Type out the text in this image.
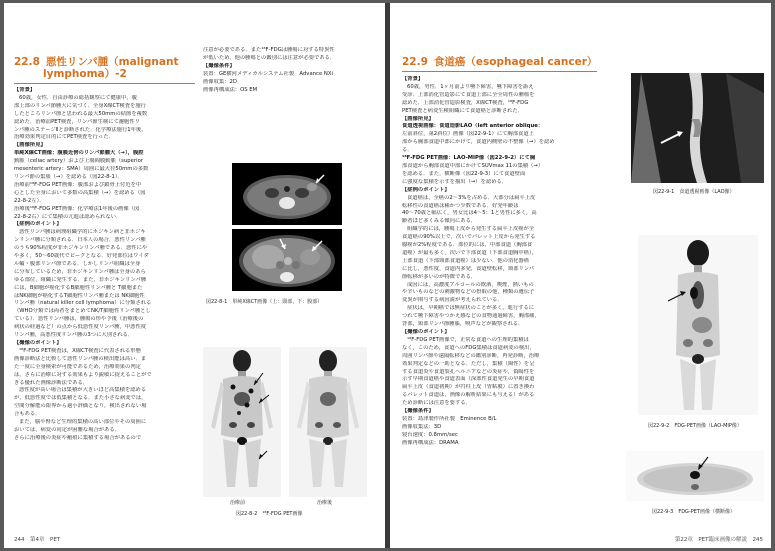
22.8 悪性リンパ腫（malignant
lymphoma）-2

【背景】

60歳，女性．自由診療の総括観察にて健康中，腹

部上部のリンパ節腫大に気づく．全身X線CT検査を施行

したところリンパ節と思われる最大50mmの結節を複数

認めた．治療前PET検査，リンパ節生検にて濾胞性リ

ンパ腫のステージⅡと診断された．化学療法施行1年後，

治療効果判定目的にてPET検査を行った．

【画像所見】

単純X線CT画像：腹膜近傍のリンパ節腫大（→），腹腔

動脈（celiac artery）および上腸間膜動脈（superior

mesenteric artery：SMA）周囲に最大径50mmの多数

リンパ節の集簇（→）を認める（図22-8-1）．

治療前¹⁸F-FDG PET画像：腹部および鎖骨上付近を中

心とした全身において多数の高集積（→）を認める（図

22-8-2左）．

治療後¹⁸F-FDG PET画像：化学療法1年後の画像（図

22-8-2右）にて集積の亢進は認められない．

【症例のポイント】

悪性リンパ腫は病理組織学的にホジキン病と非ホジキ

ンリンパ腫に分類される．日本人の場合，悪性リンパ腫

のうち90%程度が非ホジキンリンパ腫である．悪性にや

や多く，50〜60歳代でピークとなる．好発部位はワイダ

ル輪・腹部リンパ節である．しかしリンパ組織は全身

に分布しているため，非ホジキンリンパ腫は全身のあら

ゆる部位，組織に発生する．また，非ホジキンリンパ腫

には，B細胞が癌化するB細胞性リンパ腫と T細胞また

はNK細胞が癌化するT細胞性リンパ腫または NK細胞性

リンパ腫（natural killer cell lymphoma）に分類される

（WHO分類では両者をまとめてNK/T細胞性リンパ腫とし

ている）．悪性リンパ腫は，腫瘍の形や予後（治療後の

病状の経過など）の点から低悪性度リンパ腫，中悪性度

リンパ腫，高悪性度リンパ腫の3つに大別される．

【撮像のポイント】

¹⁸F-FDG PET検査は，X線CT検査に代表される形態

画像診断法と比較して悪性リンパ腫の検出能は高い．ま

た一度に全身検索が可能であるため，治療効果の判定

は，さらに治療に対する効果もより鋭敏に捉えることがで

きる優れた画像診断法である．

悪性度が高い場合は集積が大きいほど高集積を認める

が，低悪性度では低集積となる．また小さな病変では，

空間分解能の限界から過小評価となり，検出されない場

合もある．

また，脳や腎など生理的集積の高い部位やその周囲に

おいては，病変の同定が困難な場合がある．

さらに治療後の炎症や瘢痕に集積する場合があるので

注意が必要である．また¹⁸F-FDGは腫瘍に対する特異性

が低いため，他の腫瘍との鑑別には注意が必要である．

【撮像条件】

装置：GE横河メディカルシステム社製　Advance NXi

画像収集：2D

画像再構成法：OS EM

図22-8-1　単純X線CT画像（上：頸部，下：腹部）
治療前	治療後
図22-8-2　¹⁸F-FDG PET画像
244　第4章　PET
22.9 食道癌（esophageal cancer）

【背景】

60歳，男性．1ヶ月前より嚥下障害，嚥下障害を訴え

受診．上部消化管造影にて食道上部に全全周性の腫瘍を

認めた．上部消化管造影検査，X線CT検査，¹⁸F-FDG

PET検査と病変生検組織にて食道癌と診断された．

【画像所見】

食道透視画像：食道造影LAO（left anterior oblique：

左前斜位，第2斜位）画像（図22-9-1）にて胸部食道上

部から胸部食道中部にかけて，食道内側壁の不整像（→）を認め

る．

¹⁸F-FDG PET画像：LAO-MIP像（図22-9-2）にて胸

部食道から胸部食道中部にかけてSUVmax 11の集積（→）

を認める．また，横断像（図22-9-3）にて食道壁面

に強度な集積を示すを描出（→）を認める．

【症例のポイント】

食道癌は，全癌の2〜3%を占める．大部分は扁平上皮

転移性の食道癌は稀かつ少数である．好発年齢は

40〜70歳と幅広く，男女比は4〜5：1と男性に多く，高

齢者ほど多くみる傾向にある．

組織学的には，腫瘍上皮から発生する扁平上皮癌が全

食道癌の90%以上で，次いでバレット上皮から発生する

腺癌が2%程度である．部位的には，中部食道（胸部食

道癌）が最も多く，次いで下部食道（下部食道胸中癌），

上部食道（下部頸部食道癌）は少ない．他の消化器癌

に比し，悪性度，食道内多発，食道壁転移，頸部リンパ

節転移が多いのが特徴である．

成因には，高濃度アルコールの飲酒，喫煙，熱いもの

や辛いものなどの刺激物などの摂取の他，種類の遺伝子

変異が関与する病因説が考えられている．

症状は，早期癌では無症状のことが多く，進行するに

つれて嚥下障害やつかえ感などの食物通過障害，胸部痛，

背部，頸部リンパ節腫脹，嗄声などが観察される．

【撮像のポイント】

¹⁸F-FDG PET画像で，正常な食道への生理的集積は

なく，このため，食道へのFDG集積は食道病変の検出，

周囲リンパ節や遠隔転移などの鑑別診断，再発診断，治療

効果判定などの一助となる．ただし，集積（陽性）を呈

する食道炎や食道裂孔ヘルニアなどの炎症や，偽陽性を

示す早期食道癌や食道表面（深部性食道発生の早期食道

扁平上皮（食道初期）が円柱上皮（胃粘膜）に置き換わ

るバレット食道は，画像の解析結果にも与える）がある

ため診断には注意を要する．

【撮像条件】

装置：島津製作所社製　Eminence B/L

画像収集法：3D

寝台速度：0.8mm/sec

画像再構成法：DRAMA

図22-9-1　食道透視画像（LAO像）
図22-9-2　FDG-PET画像（LAO-MIP像）
図22-9-3　FDG-PET画像（横断像）
第22章　PET臨床画像の解説　245
